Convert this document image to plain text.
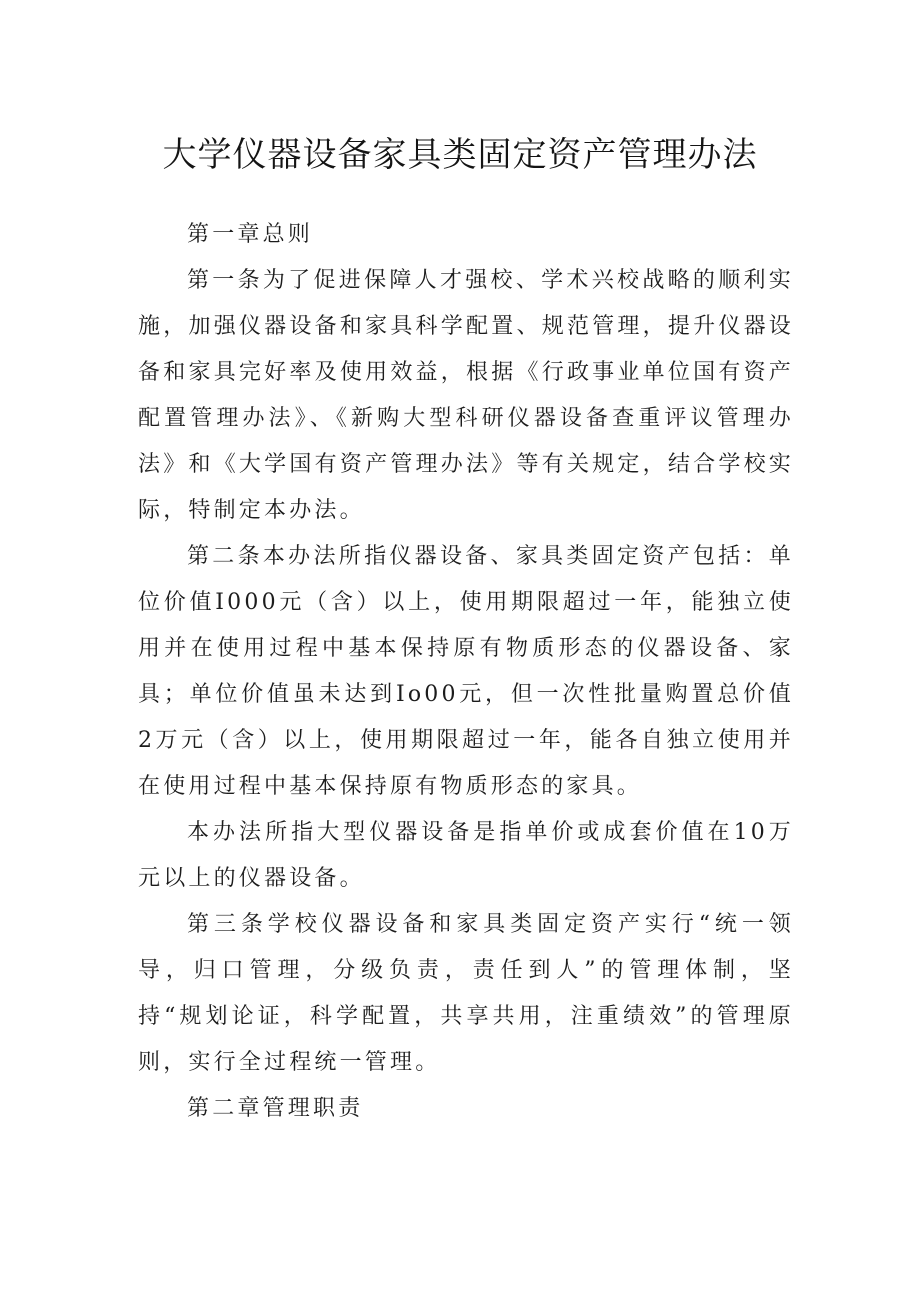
大学仪器设备家具类固定资产管理办法

第一章总则

第一条为了促进保障人才强校、学术兴校战略的顺利实施，加强仪器设备和家具科学配置、规范管理，提升仪器设备和家具完好率及使用效益，根据《行政事业单位国有资产配置管理办法》、《新购大型科研仪器设备查重评议管理办法》和《大学国有资产管理办法》等有关规定，结合学校实际，特制定本办法。

第二条本办法所指仪器设备、家具类固定资产包括：单位价值I000元（含）以上，使用期限超过一年，能独立使用并在使用过程中基本保持原有物质形态的仪器设备、家具；单位价值虽未达到Io00元，但一次性批量购置总价值2万元（含）以上，使用期限超过一年，能各自独立使用并在使用过程中基本保持原有物质形态的家具。

本办法所指大型仪器设备是指单价或成套价值在10万元以上的仪器设备。

第三条学校仪器设备和家具类固定资产实行“统一领导，归口管理，分级负责，责任到人”的管理体制，坚持“规划论证，科学配置，共享共用，注重绩效”的管理原则，实行全过程统一管理。

第二章管理职责
